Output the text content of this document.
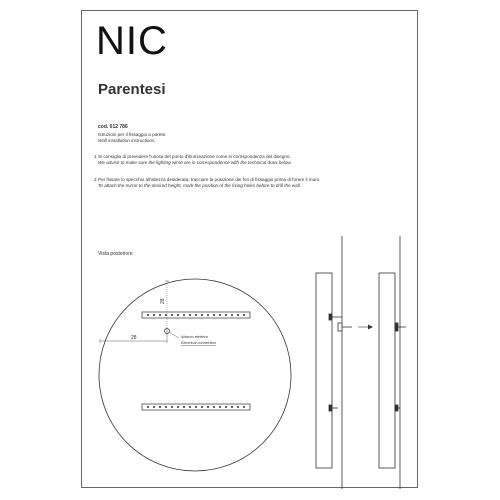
NIC
Parentesi
cod. 012 786
Istruzioni per il fissaggio a parete.
Wall installation instructions.
1 Si consiglia di prevedere l'uscita del punto d'illuminazione come in corrispondenza del disegno.
We advise to make sure the lighting wirse are in correspondence with the technical draw below.
2 Per fissare lo specchio all'altezza desiderata: tracciare la posizione dei fori di fissaggio prima di forare il muro.
To attach the mirror to the desired height, mark the position of the fixing holes before to drill the wall.
Vista posteriore
28
28	Attacco elettrico
Electrical connection
